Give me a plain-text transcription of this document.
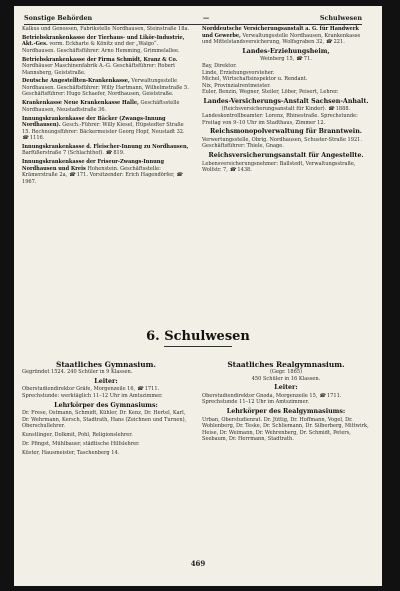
Sonstige Behörden	—	Schulwesen
Kalkus und Genossen, Fabrikstelle Nordhausen, Steinstraße 18a.
Betriebskrankenkasse der Tierhaus- und Likör-Industrie, Akt.-Ges. vorm. Eckharte & Könitz und der „Walgo“. Nordhausen. Geschäftsführer: Arno Hemming, Grimmelallee.
Betriebskrankenkasse der Firma Schmidt, Kranz & Co. Nordhäuser Maschinenfabrik A.-G. Geschäftsführer: Robert Mannsberg, Geiststraße.
Deutsche Angestellten-Krankenkasse, Verwaltungsstelle Nordhausen. Geschäftsführer: Willy Hartmann, Wilhelmstraße 5. Geschäftsführer: Hugo Schaefer, Nordhausen, Geiststraße.
Krankenkasse Neue Krankenkasse Halle, Geschäftsstelle Nordhausen, Neustadtstraße 36.
Innungskrankenkasse der Bäcker (Zwangs-Innung Nordhausen). Gesch.-Führer: Willy Kiesel, Hüpstedter Straße 15. Rechnungsführer: Bäckermeister Georg Hopf, Neustadt 32. ☎ 1116.
Innungskrankenkasse d. Fleischer-Innung zu Nordhausen, Barfüßerstraße 7 (Schlachthof). ☎ 819.
Innungskrankenkasse der Friseur-Zwangs-Innung Nordhausen und Kreis Hohenstein. Geschäftsstelle: Krämerstraße 2a, ☎ 171. Vorsitzender: Erich Hagendörfer, ☎ 1967.
Norddeutsche Versicherungsanstalt a. G. für Handwerk und Gewerbe, Verwaltungsstelle Nordhausen, Krankenkasse und Mittelstandsversicherung, Wolfsgraben 32, ☎ 221.
Landes-Erziehungsheim,
Weinberg 15, ☎ 71.
Bay, Direktor.
Linde, Erziehungsvorsteher.
Michel, Wirtschaftsinspektor u. Rendant.
Nix, Provinzialrentmeister.
Euler, Benzin, Wegner, Steiler, Löber, Peisert, Lehrer.
Landes-Versicherungs-Anstalt Sachsen-Anhalt.
(Reichsversicherungsanstalt für Kinder). ☎ 1888.
Landeskontrollbeamter: Lorenz, Rhinestraße. Sprechstunde: Freitag von 9–10 Uhr im Stadthaus, Zimmer 12.
Reichsmonopolverwaltung für Branntwein.
Verwertungsstelle, Obrig. Nordhausen, Schuster-Straße 1921. Geschäftsführer: Thiele, Gnage.
Reichsversicherungsanstalt für Angestellte.
Lebensversicherungsnehmer: Ballstedt, Verwaltungsstraße, Wolfstr. 7, ☎ 1438.
6. Schulwesen
Staatliches Gymnasium.
Gegründet 1524. 240 Schüler in 9 Klassen.
Leiter:
Oberstudiendirektor Gräfe, Morgenzeile 16, ☎ 1711. Sprechstunde: werktäglich 11–12 Uhr im Amtszimmer.
Lehrkörper des Gymnasiums:
Dr. Frese, Ostmann, Schmidt, Kühler, Dr. Kenz, Dr. Hertel, Karl, Dr. Wehrmann, Kersch, Stadtrath, Hans (Zeichnen und Turnen), Oberschullehrer.
Kunstlinger, Dolkmit, Pohl, Religionslehrer.
Dr. Pfingst, Mühlbauer, städtische Hilfslehrer.
Küster, Hausmeister, Taschenberg 14.
Staatliches Realgymnasium.
(Gegr. 1865)
450 Schüler in 16 Klassen.
Leiter:
Oberstudiendirektor Gnoda, Morgenzeile 15, ☎ 1711. Sprechstunde 11–12 Uhr im Amtszimmer.
Lehrkörper des Realgymnasiums:
Urban, Oberstudienrat. Dr. Jüttig, Dr. Hoffmann, Vogel, Dr. Wohlenberg, Dr. Teske, Dr. Schliemann, Dr. Silberberg, Mittwirk, Heise, Dr. Weimann, Dr. Wehrenberg, Dr. Schmidt, Peters, Seebaum, Dr. Herrmann, Stadtrath.
469
